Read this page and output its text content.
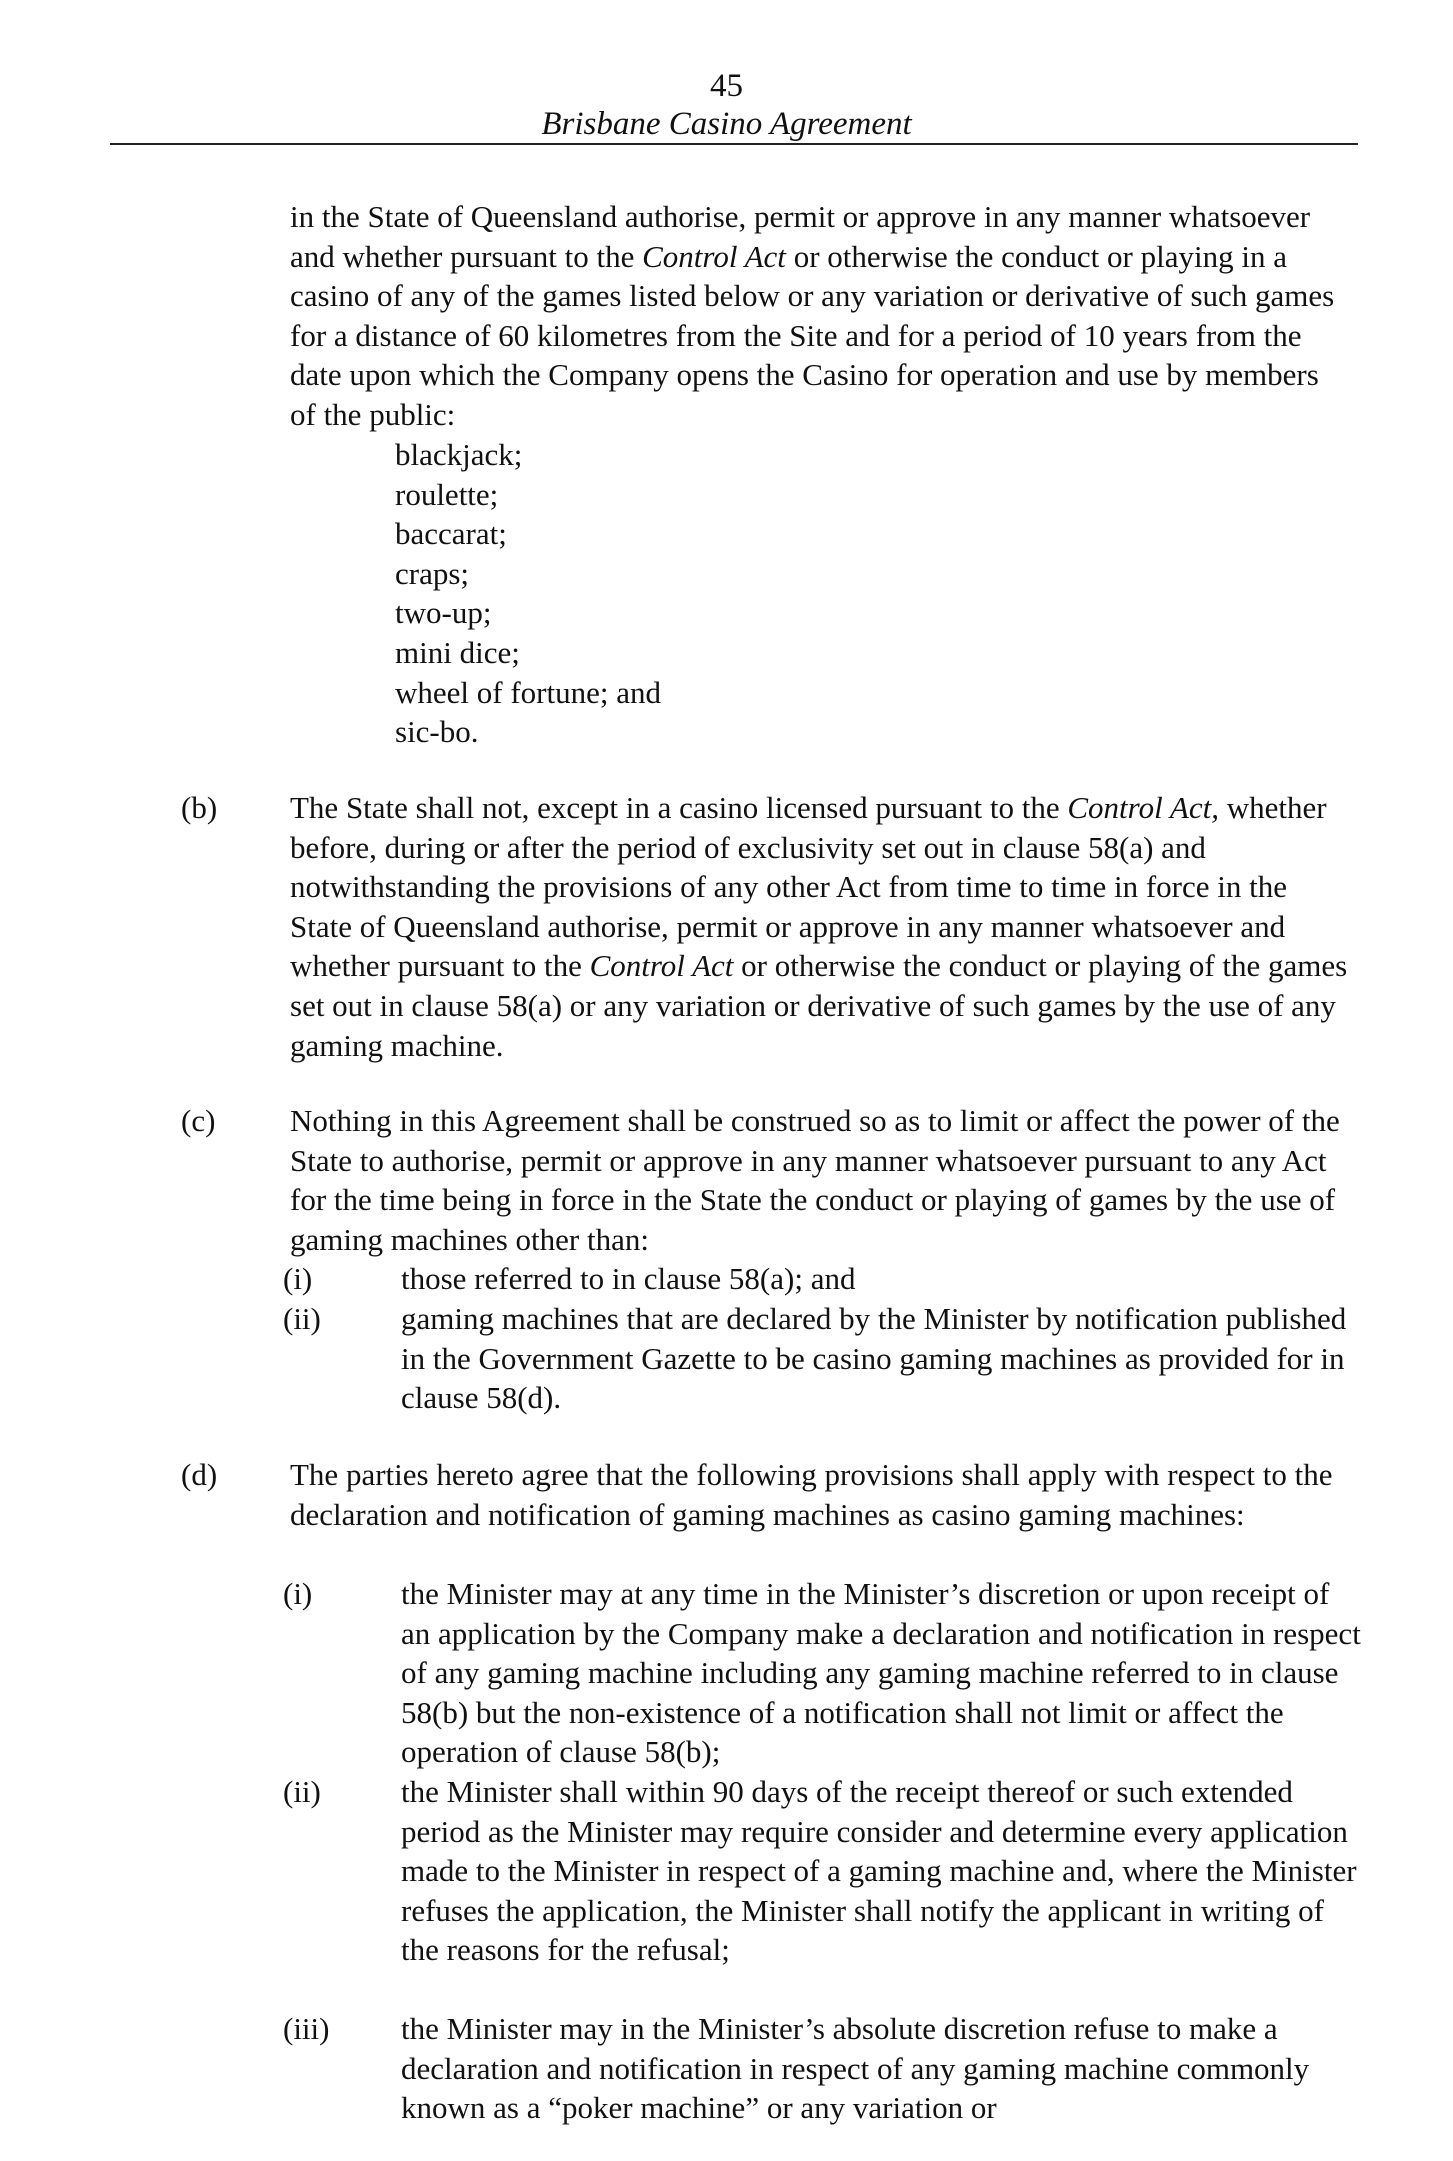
45
Brisbane Casino Agreement
in the State of Queensland authorise, permit or approve in any manner whatsoever and whether pursuant to the Control Act or otherwise the conduct or playing in a casino of any of the games listed below or any variation or derivative of such games for a distance of 60 kilometres from the Site and for a period of 10 years from the date upon which the Company opens the Casino for operation and use by members of the public:
blackjack;
roulette;
baccarat;
craps;
two-up;
mini dice;
wheel of fortune; and
sic-bo.
(b)	The State shall not, except in a casino licensed pursuant to the Control Act, whether before, during or after the period of exclusivity set out in clause 58(a) and notwithstanding the provisions of any other Act from time to time in force in the State of Queensland authorise, permit or approve in any manner whatsoever and whether pursuant to the Control Act or otherwise the conduct or playing of the games set out in clause 58(a) or any variation or derivative of such games by the use of any gaming machine.
(c)	Nothing in this Agreement shall be construed so as to limit or affect the power of the State to authorise, permit or approve in any manner whatsoever pursuant to any Act for the time being in force in the State the conduct or playing of games by the use of gaming machines other than:
(i)	those referred to in clause 58(a); and
(ii)	gaming machines that are declared by the Minister by notification published in the Government Gazette to be casino gaming machines as provided for in clause 58(d).
(d)	The parties hereto agree that the following provisions shall apply with respect to the declaration and notification of gaming machines as casino gaming machines:
(i)	the Minister may at any time in the Minister’s discretion or upon receipt of an application by the Company make a declaration and notification in respect of any gaming machine including any gaming machine referred to in clause 58(b) but the non-existence of a notification shall not limit or affect the operation of clause 58(b);
(ii)	the Minister shall within 90 days of the receipt thereof or such extended period as the Minister may require consider and determine every application made to the Minister in respect of a gaming machine and, where the Minister refuses the application, the Minister shall notify the applicant in writing of the reasons for the refusal;
(iii)	the Minister may in the Minister’s absolute discretion refuse to make a declaration and notification in respect of any gaming machine commonly known as a “poker machine” or any variation or
